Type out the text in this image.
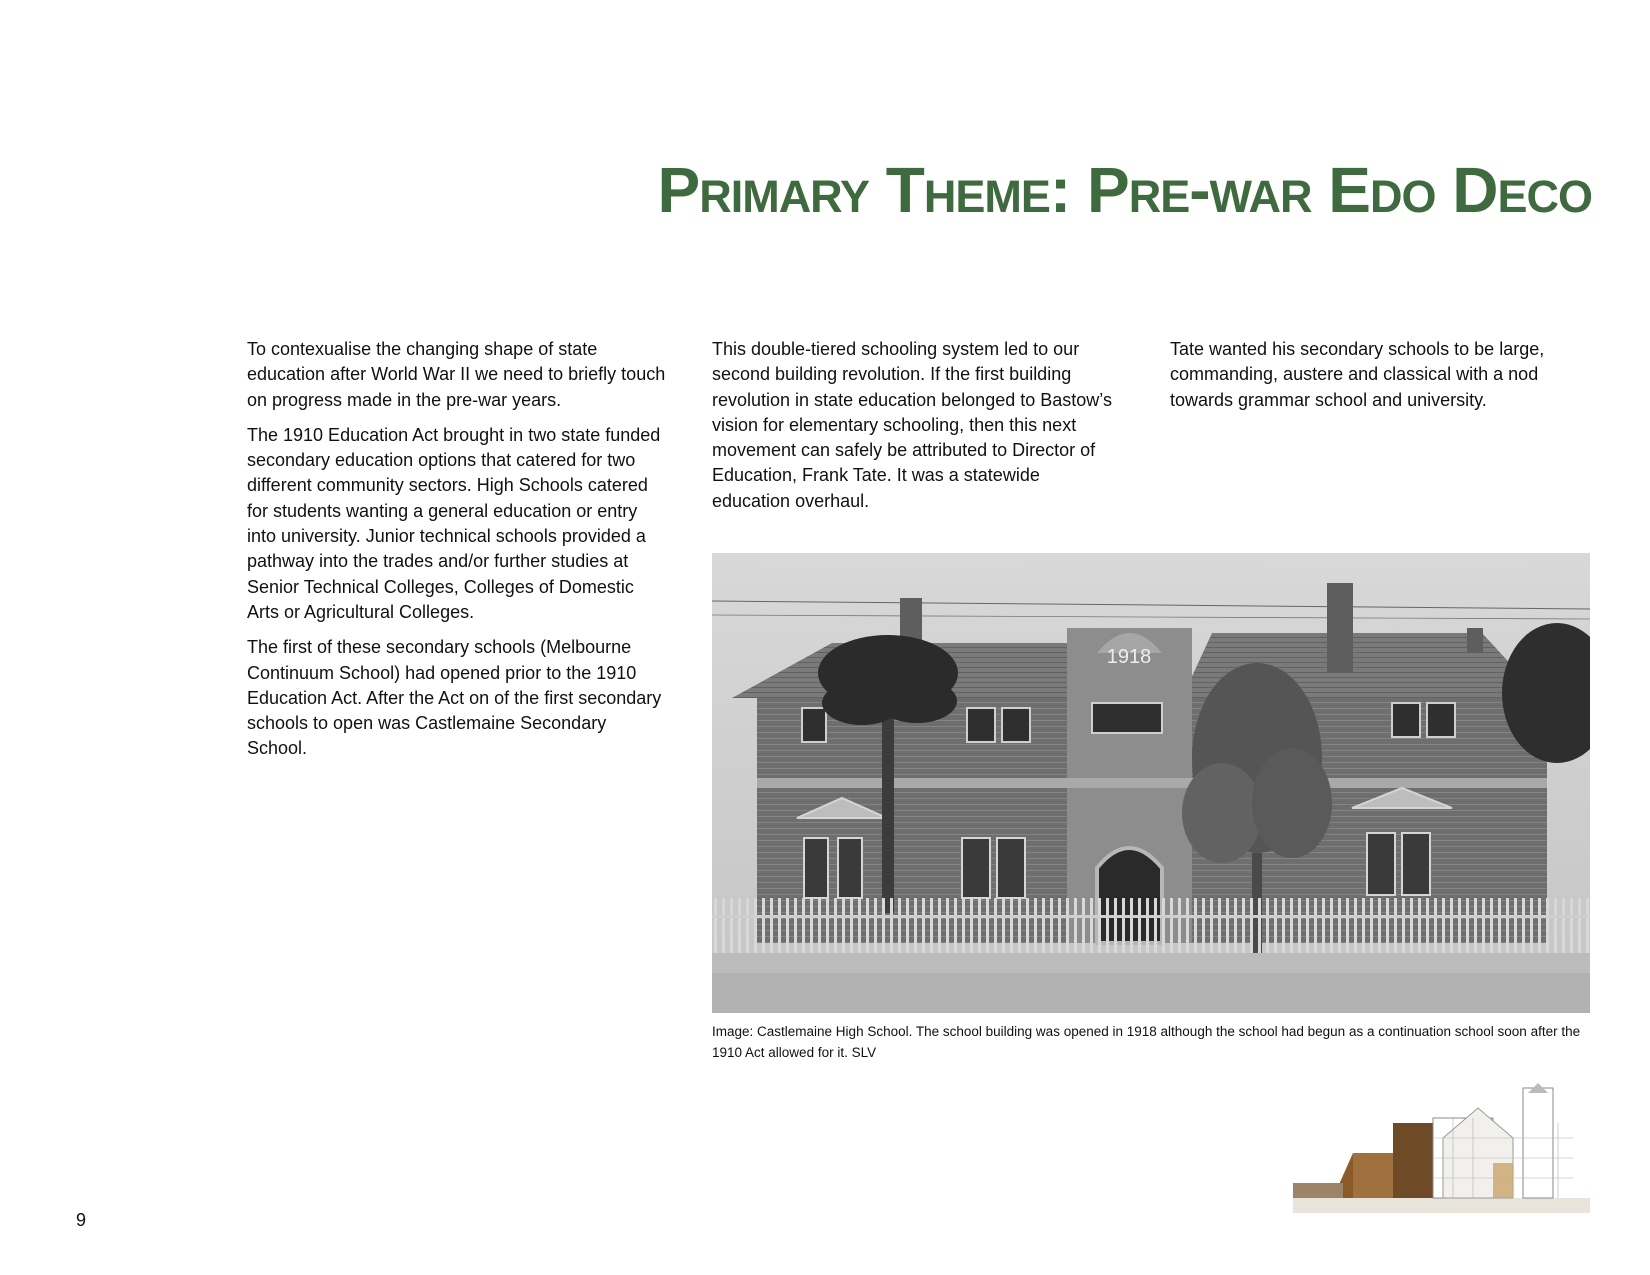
Primary Theme: Pre-war Edo Deco

To contexualise the changing shape of state education after World War II we need to briefly touch on progress made in the pre-war years.

The 1910 Education Act brought in two state funded secondary education options that catered for two different community sectors. High Schools catered for students wanting a general education or entry into university. Junior technical schools provided a pathway into the trades and/or further studies at Senior Technical Colleges, Colleges of Domestic Arts or Agricultural Colleges.

The first of these secondary schools (Melbourne Continuum School) had opened prior to the 1910 Education Act. After the Act on of the first secondary schools to open was Castlemaine Secondary School.

This double-tiered schooling system led to our second building revolution. If the first building revolution in state education belonged to Bastow’s vision for elementary schooling, then this next movement can safely be attributed to Director of Education, Frank Tate. It was a statewide education overhaul.

Tate wanted his secondary schools to be large, commanding, austere and classical with a nod towards grammar school and university.

1918
Image: Castlemaine High School. The school building was opened in 1918 although the school had begun as a continuation school soon after the 1910 Act allowed for it. SLV
9
